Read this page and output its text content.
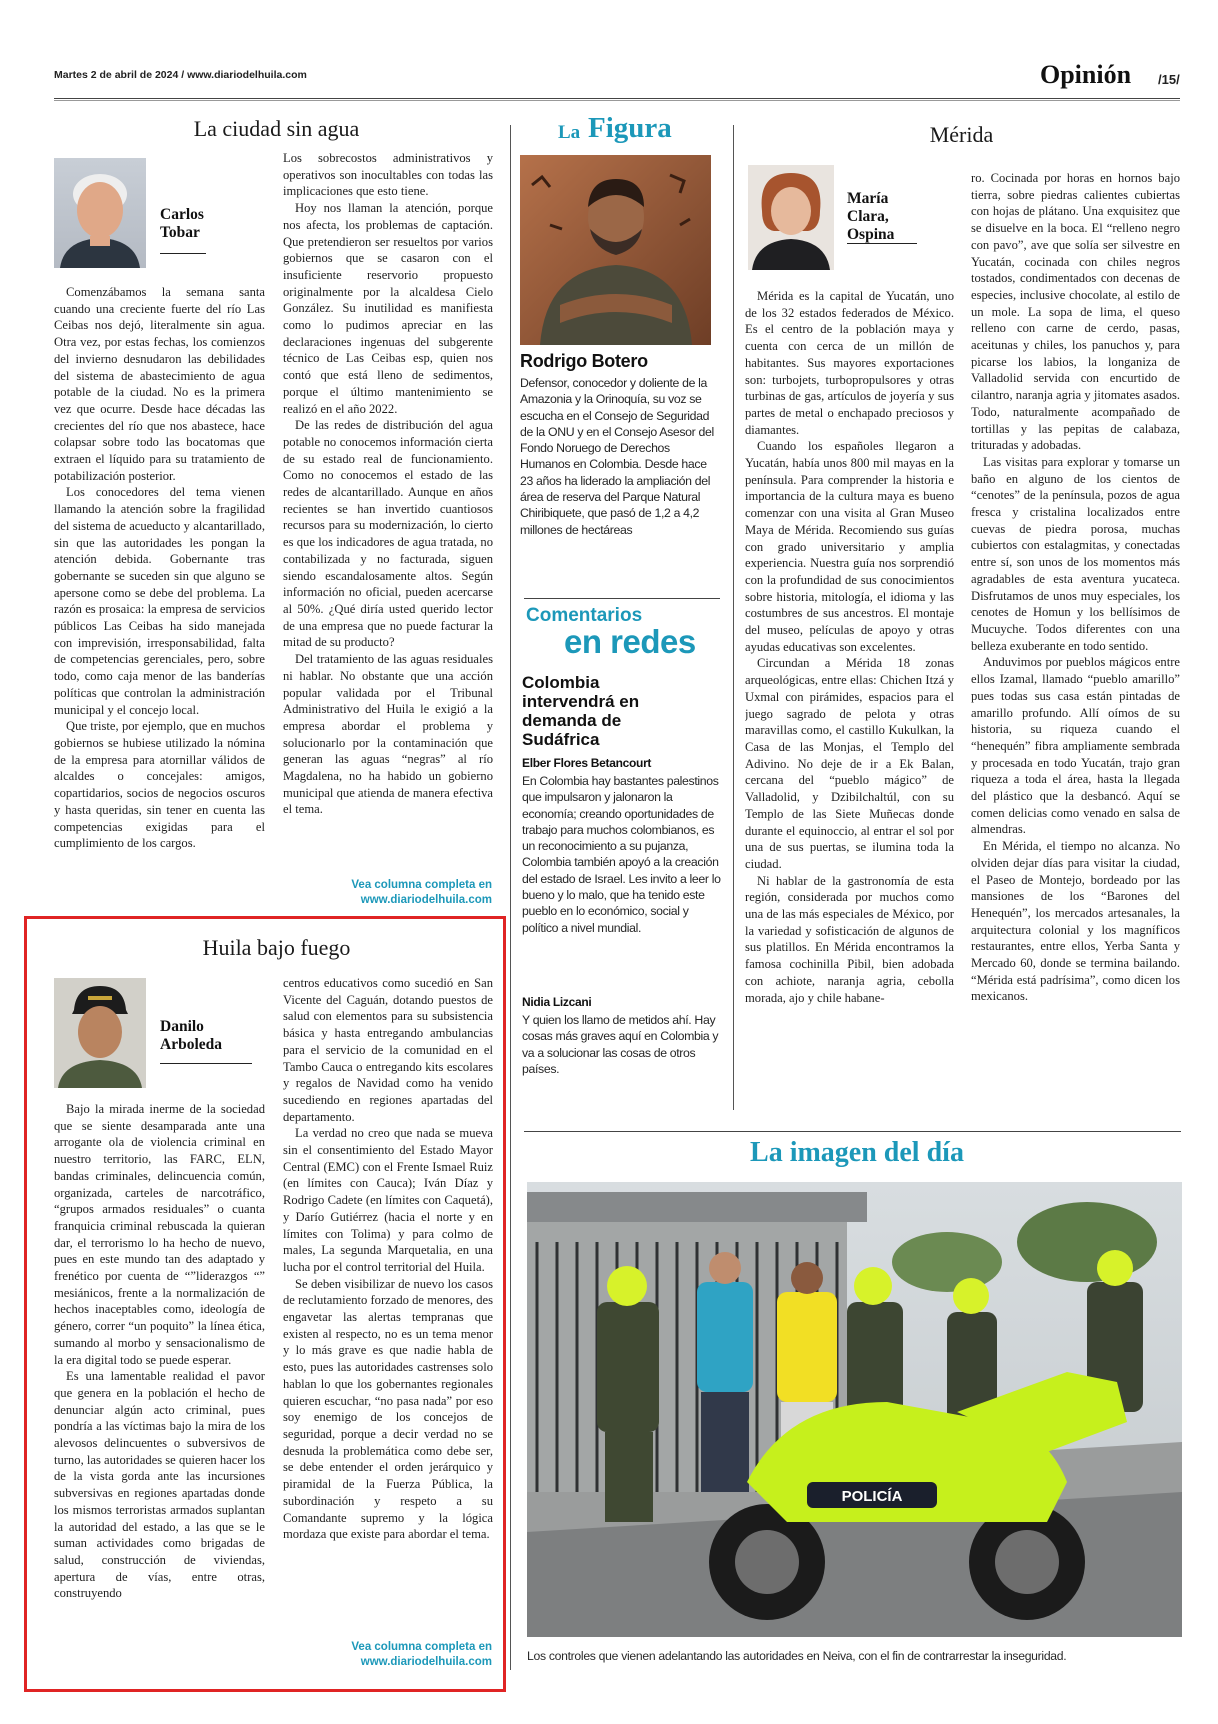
Martes 2 de abril de 2024 / www.diariodelhuila.com	Opinión /15/
La ciudad sin agua
Carlos Tobar

Comenzábamos la semana santa cuando una creciente fuerte del río Las Ceibas nos dejó, literalmente sin agua. Otra vez, por estas fechas, los comienzos del invierno desnudaron las debilidades del sistema de abastecimiento de agua potable de la ciudad. No es la primera vez que ocurre. Desde hace décadas las crecientes del río que nos abastece, hace colapsar sobre todo las bocatomas que extraen el líquido para su tratamiento de potabilización posterior.

Los conocedores del tema vienen llamando la atención sobre la fragilidad del sistema de acueducto y alcantarillado, sin que las autoridades les pongan la atención debida. Gobernante tras gobernante se suceden sin que alguno se apersone como se debe del problema. La razón es prosaica: la empresa de servicios públicos Las Ceibas ha sido manejada con imprevisión, irresponsabilidad, falta de competencias gerenciales, pero, sobre todo, como caja menor de las banderías políticas que controlan la administración municipal y el concejo local.

Que triste, por ejemplo, que en muchos gobiernos se hubiese utilizado la nómina de la empresa para atornillar válidos de alcaldes o concejales: amigos, copartidarios, socios de negocios oscuros y hasta queridas, sin tener en cuenta las competencias exigidas para el cumplimiento de los cargos.

Los sobrecostos administrativos y operativos son inocultables con todas las implicaciones que esto tiene.

Hoy nos llaman la atención, porque nos afecta, los problemas de captación. Que pretendieron ser resueltos por varios gobiernos que se casaron con el insuficiente reservorio propuesto originalmente por la alcaldesa Cielo González. Su inutilidad es manifiesta como lo pudimos apreciar en las declaraciones ingenuas del subgerente técnico de Las Ceibas esp, quien nos contó que está lleno de sedimentos, porque el último mantenimiento se realizó en el año 2022.

De las redes de distribución del agua potable no conocemos información cierta de su estado real de funcionamiento. Como no conocemos el estado de las redes de alcantarillado. Aunque en años recientes se han invertido cuantiosos recursos para su modernización, lo cierto es que los indicadores de agua tratada, no contabilizada y no facturada, siguen siendo escandalosamente altos. Según información no oficial, pueden acercarse al 50%. ¿Qué diría usted querido lector de una empresa que no puede facturar la mitad de su producto?

Del tratamiento de las aguas residuales ni hablar. No obstante que una acción popular validada por el Tribunal Administrativo del Huila le exigió a la empresa abordar el problema y solucionarlo por la contaminación que generan las aguas “negras” al río Magdalena, no ha habido un gobierno municipal que atienda de manera efectiva el tema.

Vea columna completa en www.diariodelhuila.com
Huila bajo fuego
Danilo Arboleda

Bajo la mirada inerme de la sociedad que se siente desamparada ante una arrogante ola de violencia criminal en nuestro territorio, las FARC, ELN, bandas criminales, delincuencia común, organizada, carteles de narcotráfico, “grupos armados residuales” o cuanta franquicia criminal rebuscada la quieran dar, el terrorismo lo ha hecho de nuevo, pues en este mundo tan des adaptado y frenético por cuenta de “”liderazgos “” mesiánicos, frente a la normalización de hechos inaceptables como, ideología de género, correr “un poquito” la línea ética, sumando al morbo y sensacionalismo de la era digital todo se puede esperar.

Es una lamentable realidad el pavor que genera en la población el hecho de denunciar algún acto criminal, pues pondría a las víctimas bajo la mira de los alevosos delincuentes o subversivos de turno, las autoridades se quieren hacer los de la vista gorda ante las incursiones subversivas en regiones apartadas donde los mismos terroristas armados suplantan la autoridad del estado, a las que se le suman actividades como brigadas de salud, construcción de viviendas, apertura de vías, entre otras, construyendo

centros educativos como sucedió en San Vicente del Caguán, dotando puestos de salud con elementos para su subsistencia básica y hasta entregando ambulancias para el servicio de la comunidad en el Tambo Cauca o entregando kits escolares y regalos de Navidad como ha venido sucediendo en regiones apartadas del departamento.

La verdad no creo que nada se mueva sin el consentimiento del Estado Mayor Central (EMC) con el Frente Ismael Ruiz (en límites con Cauca); Iván Díaz y Rodrigo Cadete (en límites con Caquetá), y Darío Gutiérrez (hacia el norte y en límites con Tolima) y para colmo de males, La segunda Marquetalia, en una lucha por el control territorial del Huila.

Se deben visibilizar de nuevo los casos de reclutamiento forzado de menores, des engavetar las alertas tempranas que existen al respecto, no es un tema menor y lo más grave es que nadie habla de esto, pues las autoridades castrenses solo hablan lo que los gobernantes regionales quieren escuchar, “no pasa nada” por eso soy enemigo de los concejos de seguridad, porque a decir verdad no se desnuda la problemática como debe ser, se debe entender el orden jerárquico y piramidal de la Fuerza Pública, la subordinación y respeto a su Comandante supremo y la lógica mordaza que existe para abordar el tema.

Vea columna completa en www.diariodelhuila.com
La Figura
Rodrigo Botero
Defensor, conocedor y doliente de la Amazonia y la Orinoquía, su voz se escucha en el Consejo de Seguridad de la ONU y en el Consejo Asesor del Fondo Noruego de Derechos Humanos en Colombia. Desde hace 23 años ha liderado la ampliación del área de reserva del Parque Natural Chiribiquete, que pasó de 1,2 a 4,2 millones de hectáreas
Comentarios
en redes
Colombia intervendrá en demanda de Sudáfrica
Elber Flores Betancourt
En Colombia hay bastantes palestinos que impulsaron y jalonaron la economía; creando oportunidades de trabajo para muchos colombianos, es un reconocimiento a su pujanza, Colombia también apoyó a la creación del estado de Israel. Les invito a leer lo bueno y lo malo, que ha tenido este pueblo en lo económico, social y político a nivel mundial.
Nidia Lizcani
Y quien los llamo de metidos ahí. Hay cosas más graves aquí en Colombia y va a solucionar las cosas de otros países.
Mérida
María Clara, Ospina

Mérida es la capital de Yucatán, uno de los 32 estados federados de México. Es el centro de la población maya y cuenta con cerca de un millón de habitantes. Sus mayores exportaciones son: turbojets, turbopropulsores y otras turbinas de gas, artículos de joyería y sus partes de metal o enchapado preciosos y diamantes.

Cuando los españoles llegaron a Yucatán, había unos 800 mil mayas en la península. Para comprender la historia e importancia de la cultura maya es bueno comenzar con una visita al Gran Museo Maya de Mérida. Recomiendo sus guías con grado universitario y amplia experiencia. Nuestra guía nos sorprendió con la profundidad de sus conocimientos sobre historia, mitología, el idioma y las costumbres de sus ancestros. El montaje del museo, películas de apoyo y otras ayudas educativas son excelentes.

Circundan a Mérida 18 zonas arqueológicas, entre ellas: Chichen Itzá y Uxmal con pirámides, espacios para el juego sagrado de pelota y otras maravillas como, el castillo Kukulkan, la Casa de las Monjas, el Templo del Adivino. No deje de ir a Ek Balan, cercana del “pueblo mágico” de Valladolid, y Dzibilchaltúl, con su Templo de las Siete Muñecas donde durante el equinoccio, al entrar el sol por una de sus puertas, se ilumina toda la ciudad.

Ni hablar de la gastronomía de esta región, considerada por muchos como una de las más especiales de México, por la variedad y sofisticación de algunos de sus platillos. En Mérida encontramos la famosa cochinilla Pibil, bien adobada con achiote, naranja agria, cebolla morada, ajo y chile habane-

ro. Cocinada por horas en hornos bajo tierra, sobre piedras calientes cubiertas con hojas de plátano. Una exquisitez que se disuelve en la boca. El “relleno negro con pavo”, ave que solía ser silvestre en Yucatán, cocinada con chiles negros tostados, condimentados con decenas de especies, inclusive chocolate, al estilo de un mole. La sopa de lima, el queso relleno con carne de cerdo, pasas, aceitunas y chiles, los panuchos y, para picarse los labios, la longaniza de Valladolid servida con encurtido de cilantro, naranja agria y jitomates asados. Todo, naturalmente acompañado de tortillas y las pepitas de calabaza, trituradas y adobadas.

Las visitas para explorar y tomarse un baño en alguno de los cientos de “cenotes” de la península, pozos de agua fresca y cristalina localizados entre cuevas de piedra porosa, muchas cubiertos con estalagmitas, y conectadas entre sí, son unos de los momentos más agradables de esta aventura yucateca. Disfrutamos de unos muy especiales, los cenotes de Homun y los bellísimos de Mucuyche. Todos diferentes con una belleza exuberante en todo sentido.

Anduvimos por pueblos mágicos entre ellos Izamal, llamado “pueblo amarillo” pues todas sus casa están pintadas de amarillo profundo. Allí oímos de su historia, su riqueza cuando el “henequén” fibra ampliamente sembrada y procesada en todo Yucatán, trajo gran riqueza a toda el área, hasta la llegada del plástico que la desbancó. Aquí se comen delicias como venado en salsa de almendras.

En Mérida, el tiempo no alcanza. No olviden dejar días para visitar la ciudad, el Paseo de Montejo, bordeado por las mansiones de los “Barones del Henequén”, los mercados artesanales, la arquitectura colonial y los magníficos restaurantes, entre ellos, Yerba Santa y Mercado 60, donde se termina bailando. “Mérida está padrísima”, como dicen los mexicanos.

La imagen del día
POLICÍA
Los controles que vienen adelantando las autoridades en Neiva, con el fin de contrarrestar la inseguridad.
